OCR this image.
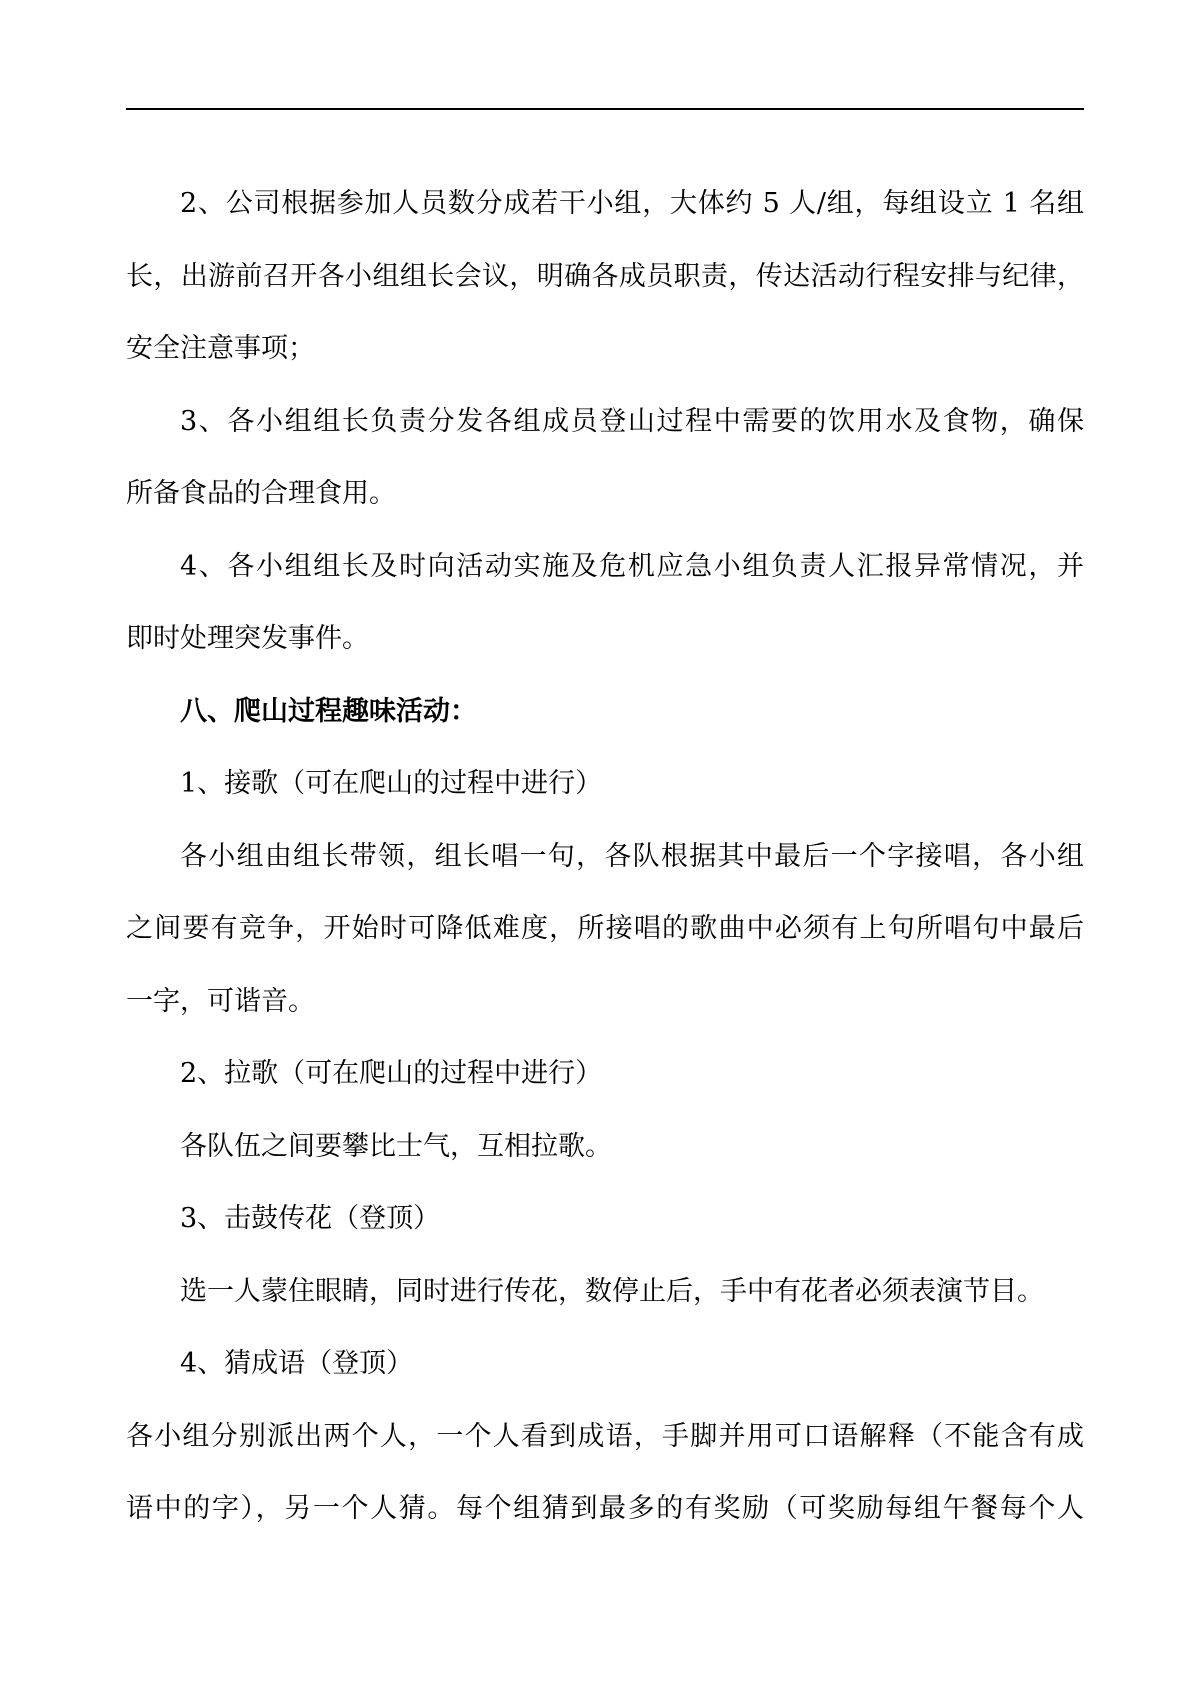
2、公司根据参加人员数分成若干小组，大体约 5 人/组，每组设立 1 名组
长，出游前召开各小组组长会议，明确各成员职责，传达活动行程安排与纪律，
安全注意事项；
3、各小组组长负责分发各组成员登山过程中需要的饮用水及食物，确保
所备食品的合理食用。
4、各小组组长及时向活动实施及危机应急小组负责人汇报异常情况，并
即时处理突发事件。
八、爬山过程趣味活动：
1、接歌（可在爬山的过程中进行）
各小组由组长带领，组长唱一句，各队根据其中最后一个字接唱，各小组
之间要有竞争，开始时可降低难度，所接唱的歌曲中必须有上句所唱句中最后
一字，可谐音。
2、拉歌（可在爬山的过程中进行）
各队伍之间要攀比士气，互相拉歌。
3、击鼓传花（登顶）
选一人蒙住眼睛，同时进行传花，数停止后，手中有花者必须表演节目。
4、猜成语（登顶）
各小组分别派出两个人，一个人看到成语，手脚并用可口语解释（不能含有成
语中的字），另一个人猜。每个组猜到最多的有奖励（可奖励每组午餐每个人
